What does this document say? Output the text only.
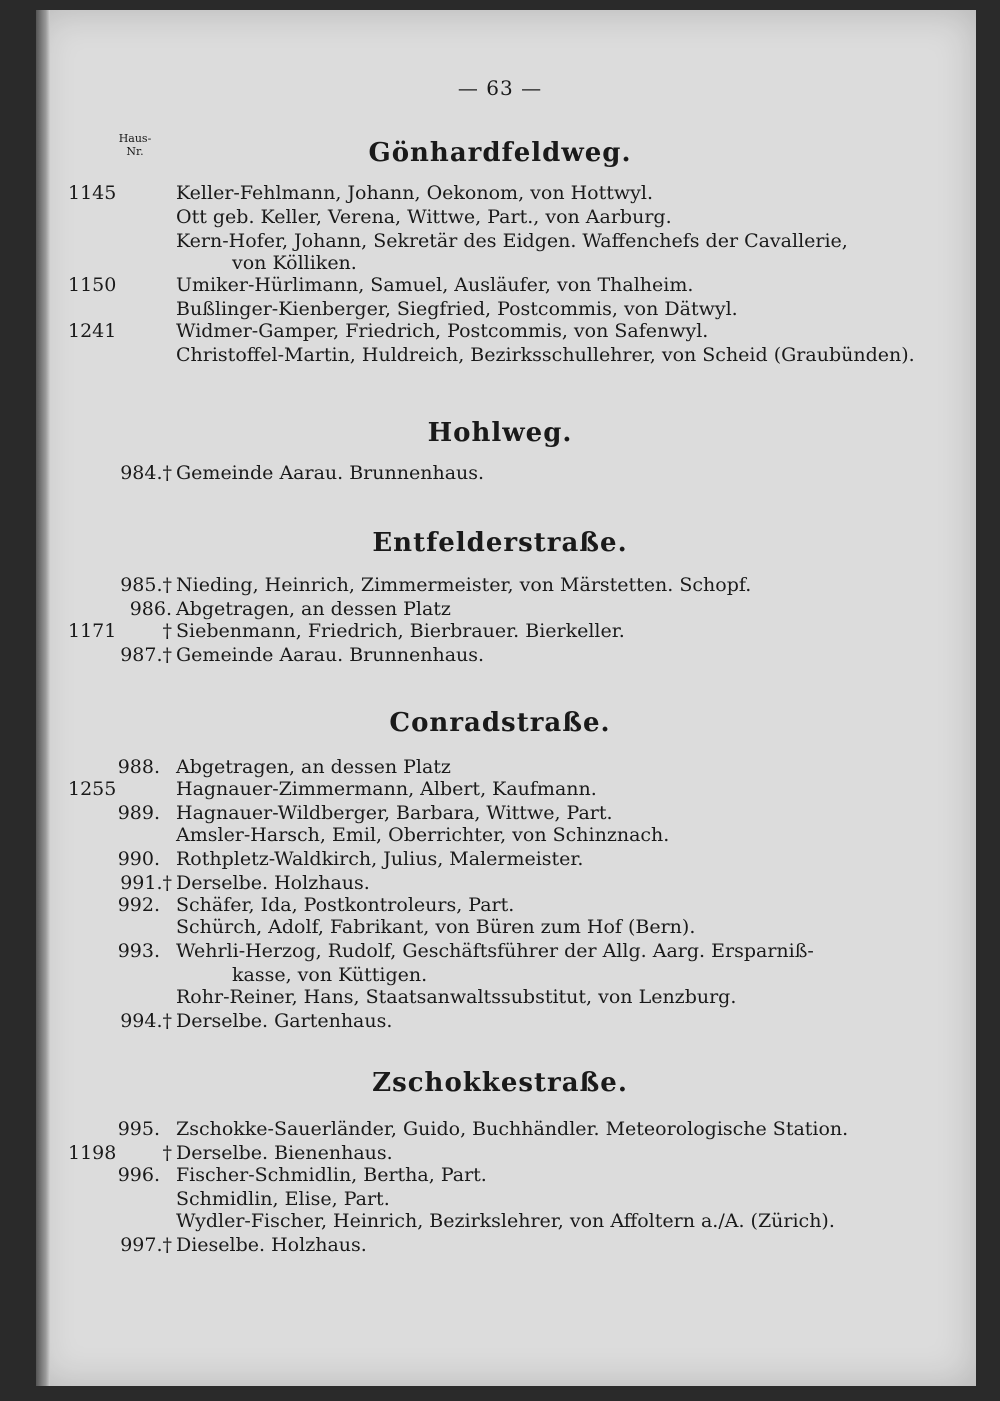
— 63 —
Haus-
Nr.	Gönhardfeldweg.
1145	Keller-Fehlmann, Johann, Oekonom, von Hottwyl.
Ott geb. Keller, Verena, Wittwe, Part., von Aarburg.
Kern-Hofer, Johann, Sekretär des Eidgen. Waffenchefs der Cavallerie,
von Kölliken.
1150	Umiker-Hürlimann, Samuel, Ausläufer, von Thalheim.
Bußlinger-Kienberger, Siegfried, Postcommis, von Dätwyl.
1241	Widmer-Gamper, Friedrich, Postcommis, von Safenwyl.
Christoffel-Martin, Huldreich, Bezirksschullehrer, von Scheid (Graubünden).
Hohlweg.
984.† Gemeinde Aarau. Brunnenhaus.
Entfelderstraße.
985.† Nieding, Heinrich, Zimmermeister, von Märstetten. Schopf.
986. Abgetragen, an dessen Platz
1171	† Siebenmann, Friedrich, Bierbrauer. Bierkeller.
987.† Gemeinde Aarau. Brunnenhaus.
Conradstraße.
988. Abgetragen, an dessen Platz
1255	Hagnauer-Zimmermann, Albert, Kaufmann.
989. Hagnauer-Wildberger, Barbara, Wittwe, Part.
Amsler-Harsch, Emil, Oberrichter, von Schinznach.
990. Rothpletz-Waldkirch, Julius, Malermeister.
991.† Derselbe. Holzhaus.
992. Schäfer, Ida, Postkontroleurs, Part.
Schürch, Adolf, Fabrikant, von Büren zum Hof (Bern).
993. Wehrli-Herzog, Rudolf, Geschäftsführer der Allg. Aarg. Ersparniß-
kasse, von Küttigen.
Rohr-Reiner, Hans, Staatsanwaltssubstitut, von Lenzburg.
994.† Derselbe. Gartenhaus.
Zschokkestraße.
995. Zschokke-Sauerländer, Guido, Buchhändler. Meteorologische Station.
1198	† Derselbe. Bienenhaus.
996. Fischer-Schmidlin, Bertha, Part.
Schmidlin, Elise, Part.
Wydler-Fischer, Heinrich, Bezirkslehrer, von Affoltern a./A. (Zürich).
997.† Dieselbe. Holzhaus.
